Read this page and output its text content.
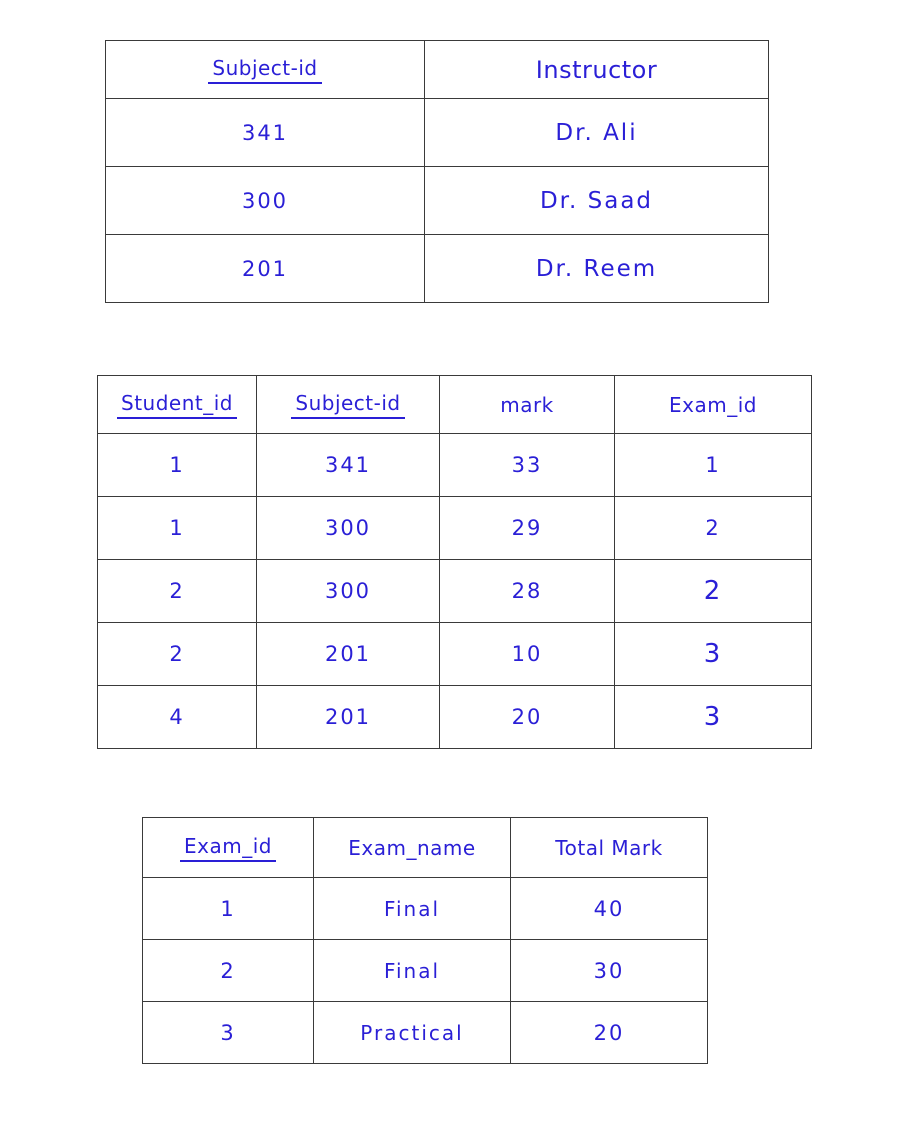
Subject-id	Instructor
341	Dr. Ali
300	Dr. Saad
201	Dr. Reem
Student_id	Subject-id	mark	Exam_id
1	341	33	1
1	300	29	2
2	300	28	2
2	201	10	3
4	201	20	3
Exam_id	Exam_name	Total Mark
1	Final	40
2	Final	30
3	Practical	20
